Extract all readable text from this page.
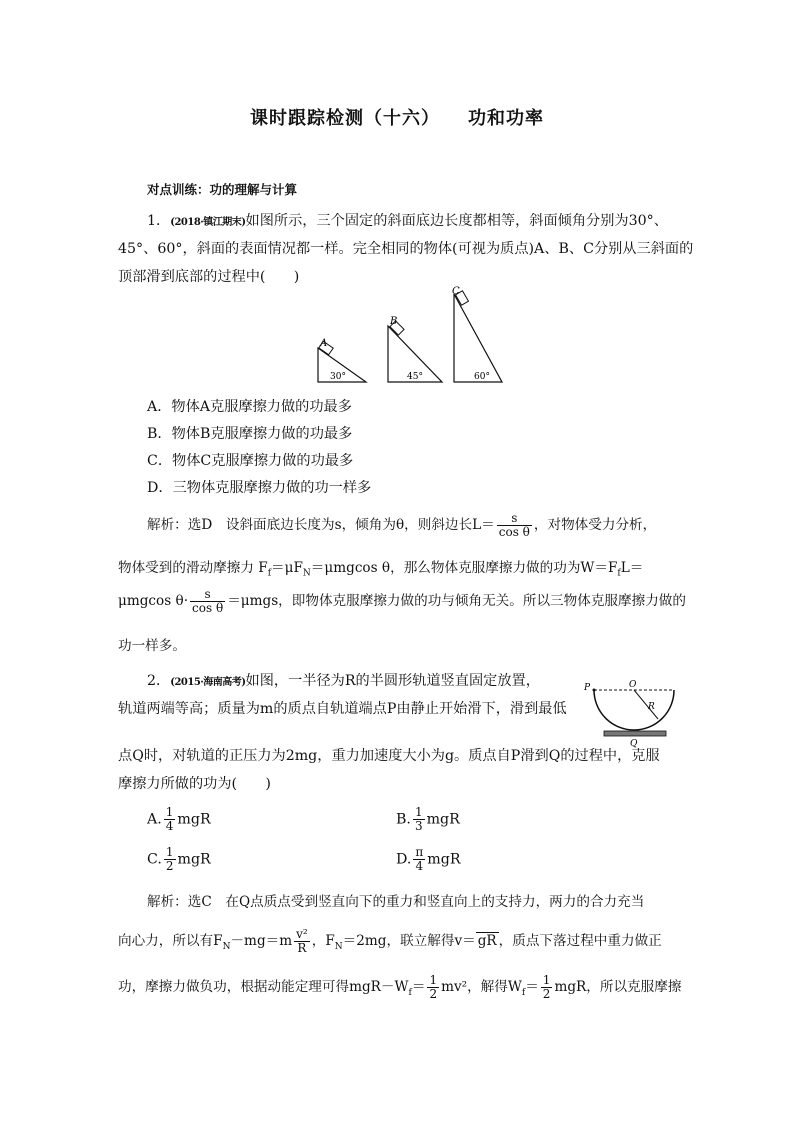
课时跟踪检测（十六） 功和功率
对点训练：功的理解与计算
1．(2018·镇江期末)如图所示，三个固定的斜面底边长度都相等，斜面倾角分别为30°、
45°、60°，斜面的表面情况都一样。完全相同的物体(可视为质点)A、B、C分别从三斜面的
顶部滑到底部的过程中(　　)
A
30°
B
45°
C
60°
A．物体A克服摩擦力做的功最多
B．物体B克服摩擦力做的功最多
C．物体C克服摩擦力做的功最多
D．三物体克服摩擦力做的功一样多
解析：选D　设斜面底边长度为s，倾角为θ，则斜边长$L= \frac{s}{\text{cos θ}}$ ，对物体受力分析，
物体受到的滑动摩擦力 $F_f=\mu F_N=\mu mgcos$ θ，那么物体克服摩擦力做的功为$W=F_fL=$
μmgcos $\theta\cdot \frac{s}{\text{cos θ}} =\mu mgs$，即物体克服摩擦力做的功与倾角无关。所以三物体克服摩擦力做的
功一样多。
2．(2015·海南高考)如图，一半径为R的半圆形轨道竖直固定放置，
轨道两端等高；质量为m的质点自轨道端点P由静止开始滑下，滑到最低
P	O
R
Q
点Q时，对轨道的正压力为2mg，重力加速度大小为g。质点自P滑到Q的过程中，克服
摩擦力所做的功为(　　)
A. $\frac{1}{4}$ mgR	B. $\frac{1}{3}$ mgR
C. $\frac{1}{2}$ mgR	D. $\frac{\pi}{4}$ mgR
解析：选C　在Q点质点受到竖直向下的重力和竖直向上的支持力，两力的合力充当
向心力，所以有$F_N-mg=m \frac{\text{v²}}{R}$ ，$F_N=2mg$，联立解得v＝ gR ，质点下落过程中重力做正
功，摩擦力做负功，根据动能定理可得$mgR-W_f= \frac{1}{2} mv^2$，解得$W_f= \frac{1}{2}$ mgR，所以克服摩擦
